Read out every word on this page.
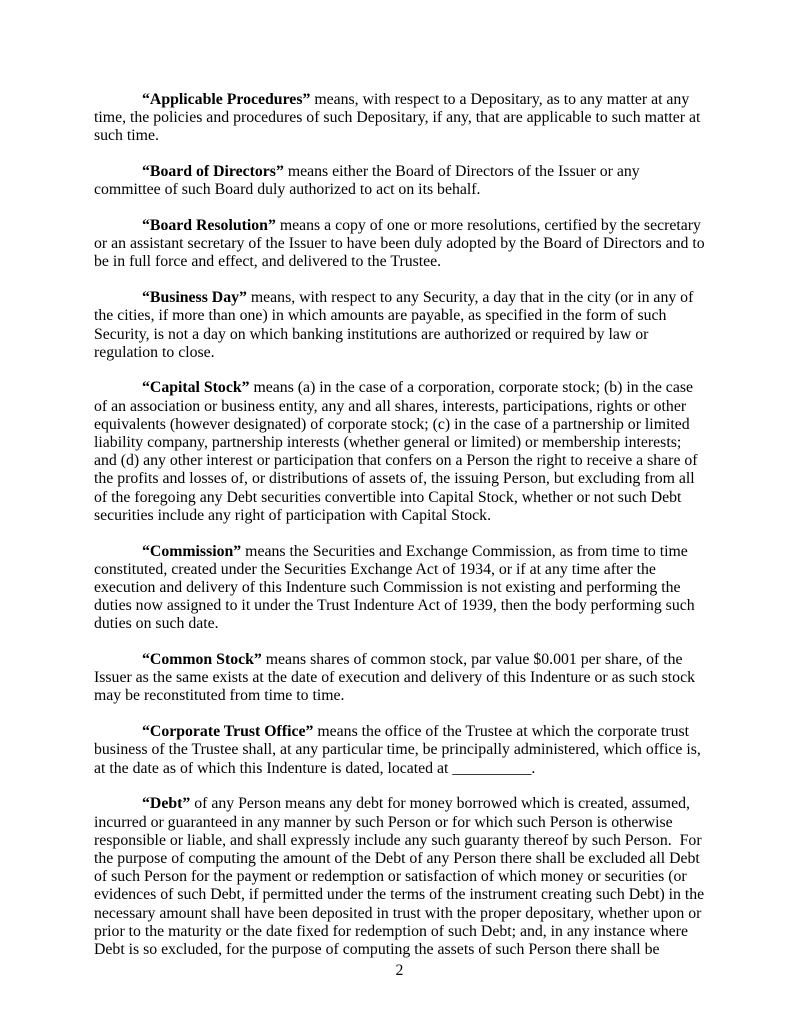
“Applicable Procedures” means, with respect to a Depositary, as to any matter at any time, the policies and procedures of such Depositary, if any, that are applicable to such matter at such time.

“Board of Directors” means either the Board of Directors of the Issuer or any committee of such Board duly authorized to act on its behalf.

“Board Resolution” means a copy of one or more resolutions, certified by the secretary or an assistant secretary of the Issuer to have been duly adopted by the Board of Directors and to be in full force and effect, and delivered to the Trustee.

“Business Day” means, with respect to any Security, a day that in the city (or in any of the cities, if more than one) in which amounts are payable, as specified in the form of such Security, is not a day on which banking institutions are authorized or required by law or regulation to close.

“Capital Stock” means (a) in the case of a corporation, corporate stock; (b) in the case of an association or business entity, any and all shares, interests, participations, rights or other equivalents (however designated) of corporate stock; (c) in the case of a partnership or limited liability company, partnership interests (whether general or limited) or membership interests; and (d) any other interest or participation that confers on a Person the right to receive a share of the profits and losses of, or distributions of assets of, the issuing Person, but excluding from all of the foregoing any Debt securities convertible into Capital Stock, whether or not such Debt securities include any right of participation with Capital Stock.

“Commission” means the Securities and Exchange Commission, as from time to time constituted, created under the Securities Exchange Act of 1934, or if at any time after the execution and delivery of this Indenture such Commission is not existing and performing the duties now assigned to it under the Trust Indenture Act of 1939, then the body performing such duties on such date.

“Common Stock” means shares of common stock, par value $0.001 per share, of the Issuer as the same exists at the date of execution and delivery of this Indenture or as such stock may be reconstituted from time to time.

“Corporate Trust Office” means the office of the Trustee at which the corporate trust business of the Trustee shall, at any particular time, be principally administered, which office is, at the date as of which this Indenture is dated, located at __________.

“Debt” of any Person means any debt for money borrowed which is created, assumed, incurred or guaranteed in any manner by such Person or for which such Person is otherwise responsible or liable, and shall expressly include any such guaranty thereof by such Person.  For the purpose of computing the amount of the Debt of any Person there shall be excluded all Debt of such Person for the payment or redemption or satisfaction of which money or securities (or evidences of such Debt, if permitted under the terms of the instrument creating such Debt) in the necessary amount shall have been deposited in trust with the proper depositary, whether upon or prior to the maturity or the date fixed for redemption of such Debt; and, in any instance where Debt is so excluded, for the purpose of computing the assets of such Person there shall be

2
